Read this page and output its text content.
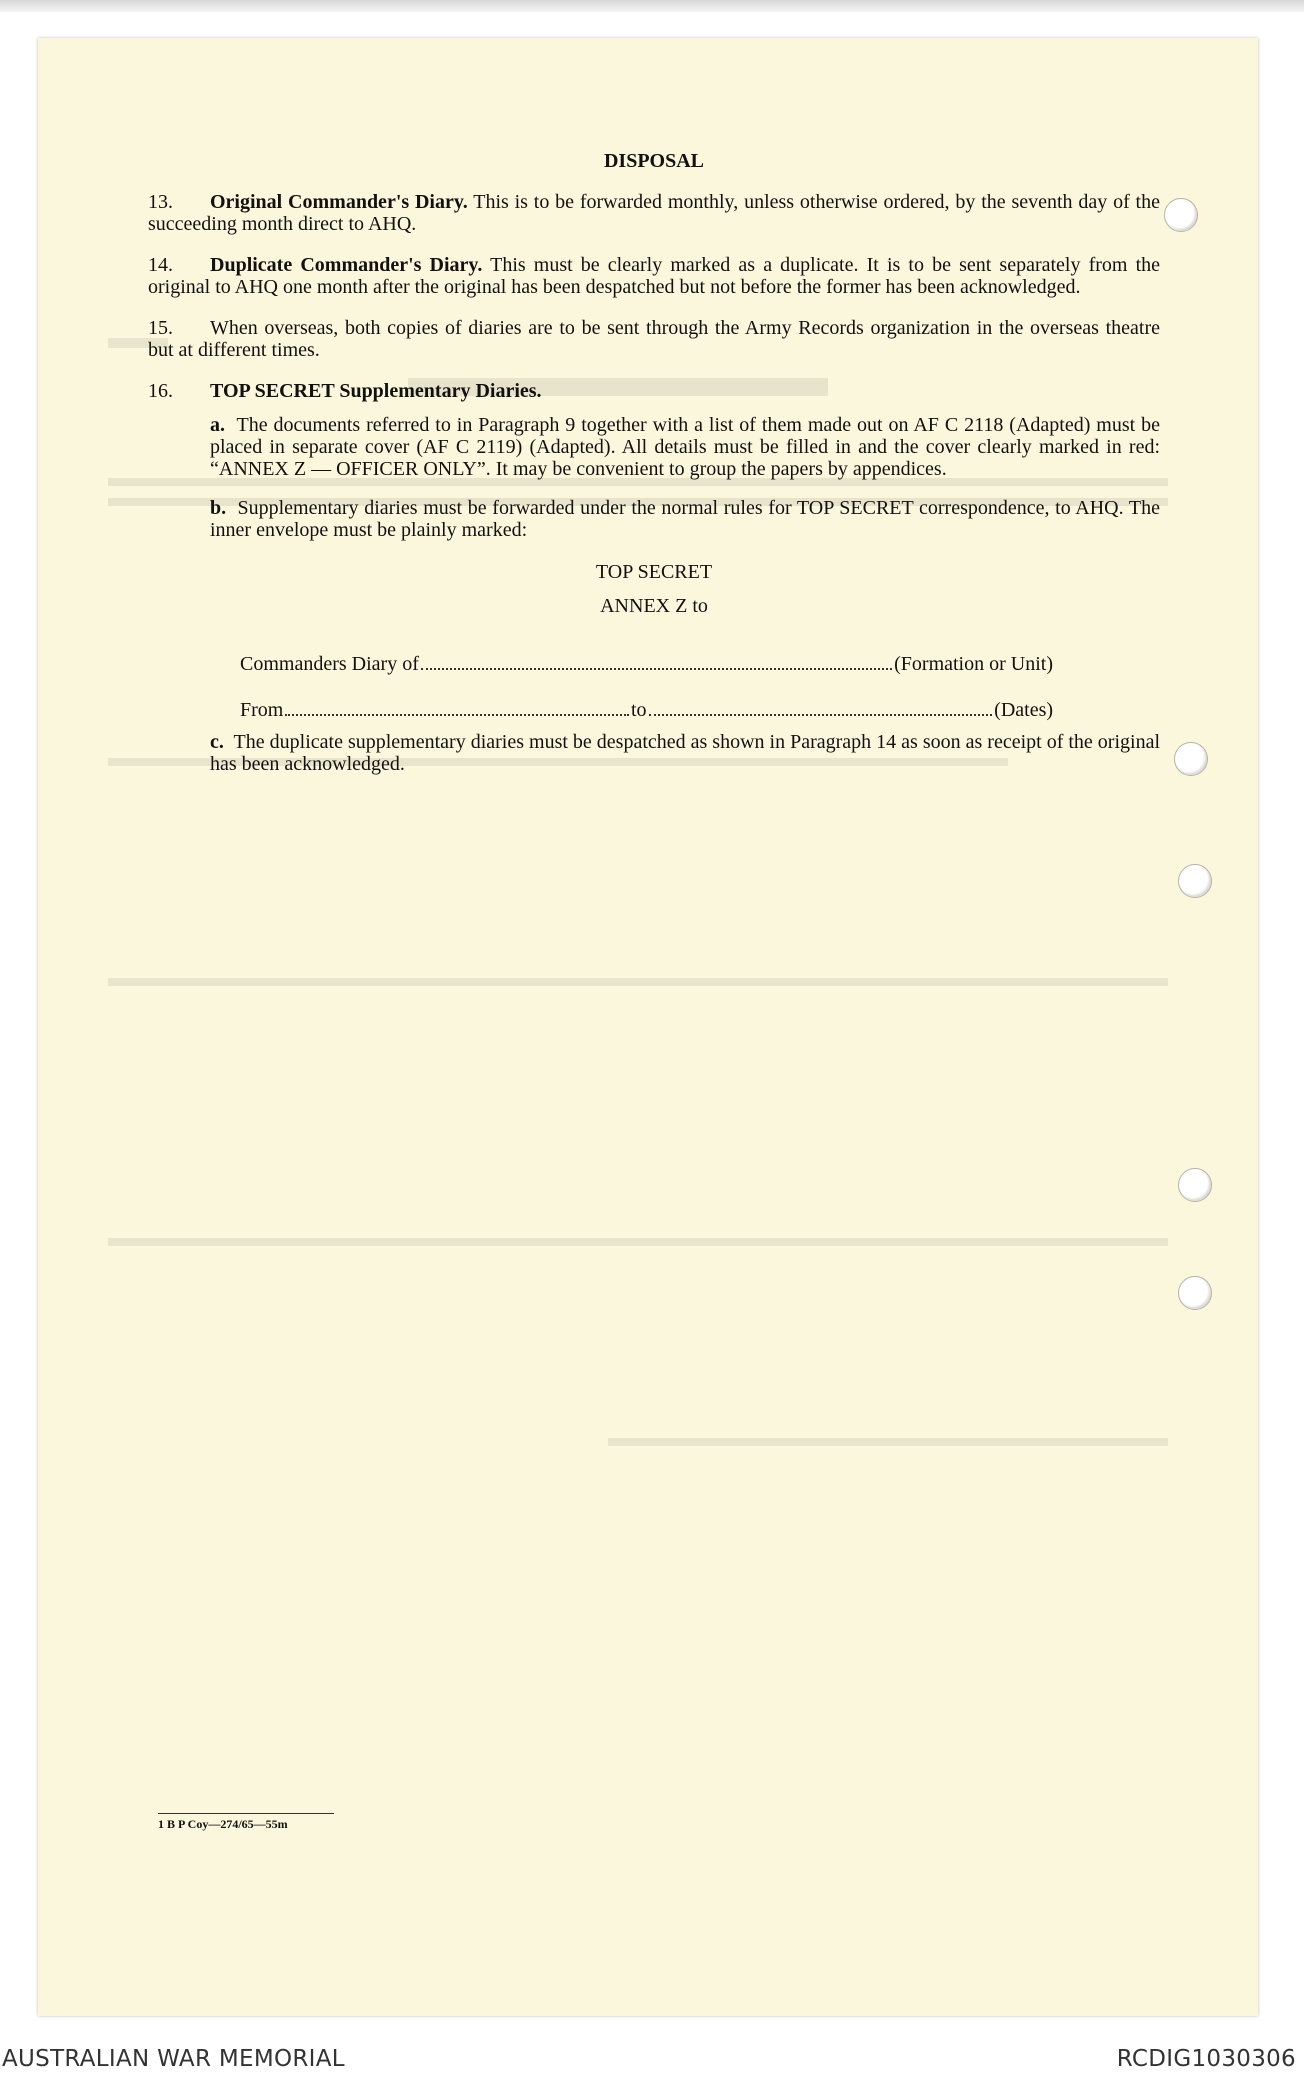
DISPOSAL
13. Original Commander's Diary. This is to be forwarded monthly, unless otherwise ordered, by the seventh day of the succeeding month direct to AHQ.
14. Duplicate Commander's Diary. This must be clearly marked as a duplicate. It is to be sent separately from the original to AHQ one month after the original has been despatched but not before the former has been acknowledged.
15. When overseas, both copies of diaries are to be sent through the Army Records organization in the overseas theatre but at different times.
16. TOP SECRET Supplementary Diaries.
a. The documents referred to in Paragraph 9 together with a list of them made out on AF C 2118 (Adapted) must be placed in separate cover (AF C 2119) (Adapted). All details must be filled in and the cover clearly marked in red: “ANNEX Z — OFFICER ONLY”. It may be convenient to group the papers by appendices.
b. Supplementary diaries must be forwarded under the normal rules for TOP SECRET correspondence, to AHQ. The inner envelope must be plainly marked:
TOP SECRET
ANNEX Z to
Commanders Diary of	(Formation or Unit)
From	to	(Dates)
c. The duplicate supplementary diaries must be despatched as shown in Paragraph 14 as soon as receipt of the original has been acknowledged.
1 B P Coy—274/65—55m
AUSTRALIAN WAR MEMORIAL	RCDIG1030306
